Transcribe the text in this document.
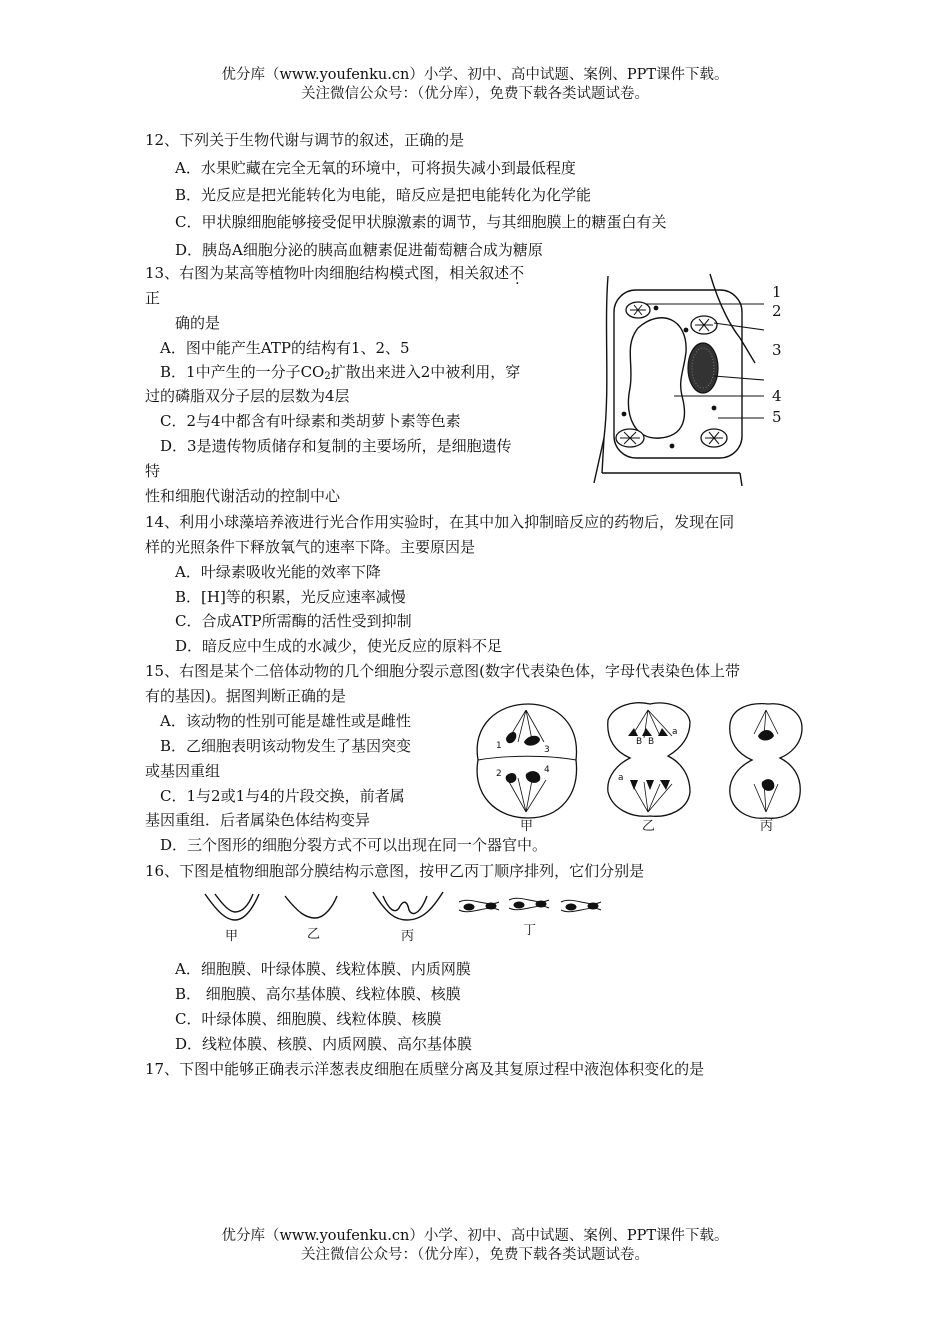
优分库（www.youfenku.cn）小学、初中、高中试题、案例、PPT课件下载。
关注微信公众号：（优分库），免费下载各类试题试卷。
12、下列关于生物代谢与调节的叙述，正确的是
A．水果贮藏在完全无氧的环境中，可将损失减小到最低程度
B．光反应是把光能转化为电能，暗反应是把电能转化为化学能
C．甲状腺细胞能够接受促甲状腺激素的调节，与其细胞膜上的糖蛋白有关
D．胰岛A细胞分泌的胰高血糖素促进葡萄糖合成为糖原
13、右图为某高等植物叶肉细胞结构模式图，相关叙述不
正
确的是
A．图中能产生ATP的结构有1、2、5
B．1中产生的一分子$CO_2$扩散出来进入2中被利用，穿
过的磷脂双分子层的层数为4层
C．2与4中都含有叶绿素和类胡萝卜素等色素
D．3是遗传物质储存和复制的主要场所，是细胞遗传
特
性和细胞代谢活动的控制中心
1
2
3
4
5
14、利用小球藻培养液进行光合作用实验时，在其中加入抑制暗反应的药物后，发现在同
样的光照条件下释放氧气的速率下降。主要原因是
A．叶绿素吸收光能的效率下降
B．[H]等的积累，光反应速率减慢
C．合成ATP所需酶的活性受到抑制
D．暗反应中生成的水减少，使光反应的原料不足
15、右图是某个二倍体动物的几个细胞分裂示意图(数字代表染色体，字母代表染色体上带
有的基因)。据图判断正确的是
A．该动物的性别可能是雄性或是雌性
B．乙细胞表明该动物发生了基因突变
或基因重组
C．1与2或1与4的片段交换，前者属
基因重组．后者属染色体结构变异
D．三个图形的细胞分裂方式不可以出现在同一个器官中。
1	3
2	4
B B
a
a
甲	乙	丙
16、下图是植物细胞部分膜结构示意图，按甲乙丙丁顺序排列，它们分别是
甲	乙	丙	丁
A．细胞膜、叶绿体膜、线粒体膜、内质网膜
B． 细胞膜、高尔基体膜、线粒体膜、核膜
C．叶绿体膜、细胞膜、线粒体膜、核膜
D．线粒体膜、核膜、内质网膜、高尔基体膜
17、下图中能够正确表示洋葱表皮细胞在质壁分离及其复原过程中液泡体积变化的是
优分库（www.youfenku.cn）小学、初中、高中试题、案例、PPT课件下载。
关注微信公众号：（优分库），免费下载各类试题试卷。
